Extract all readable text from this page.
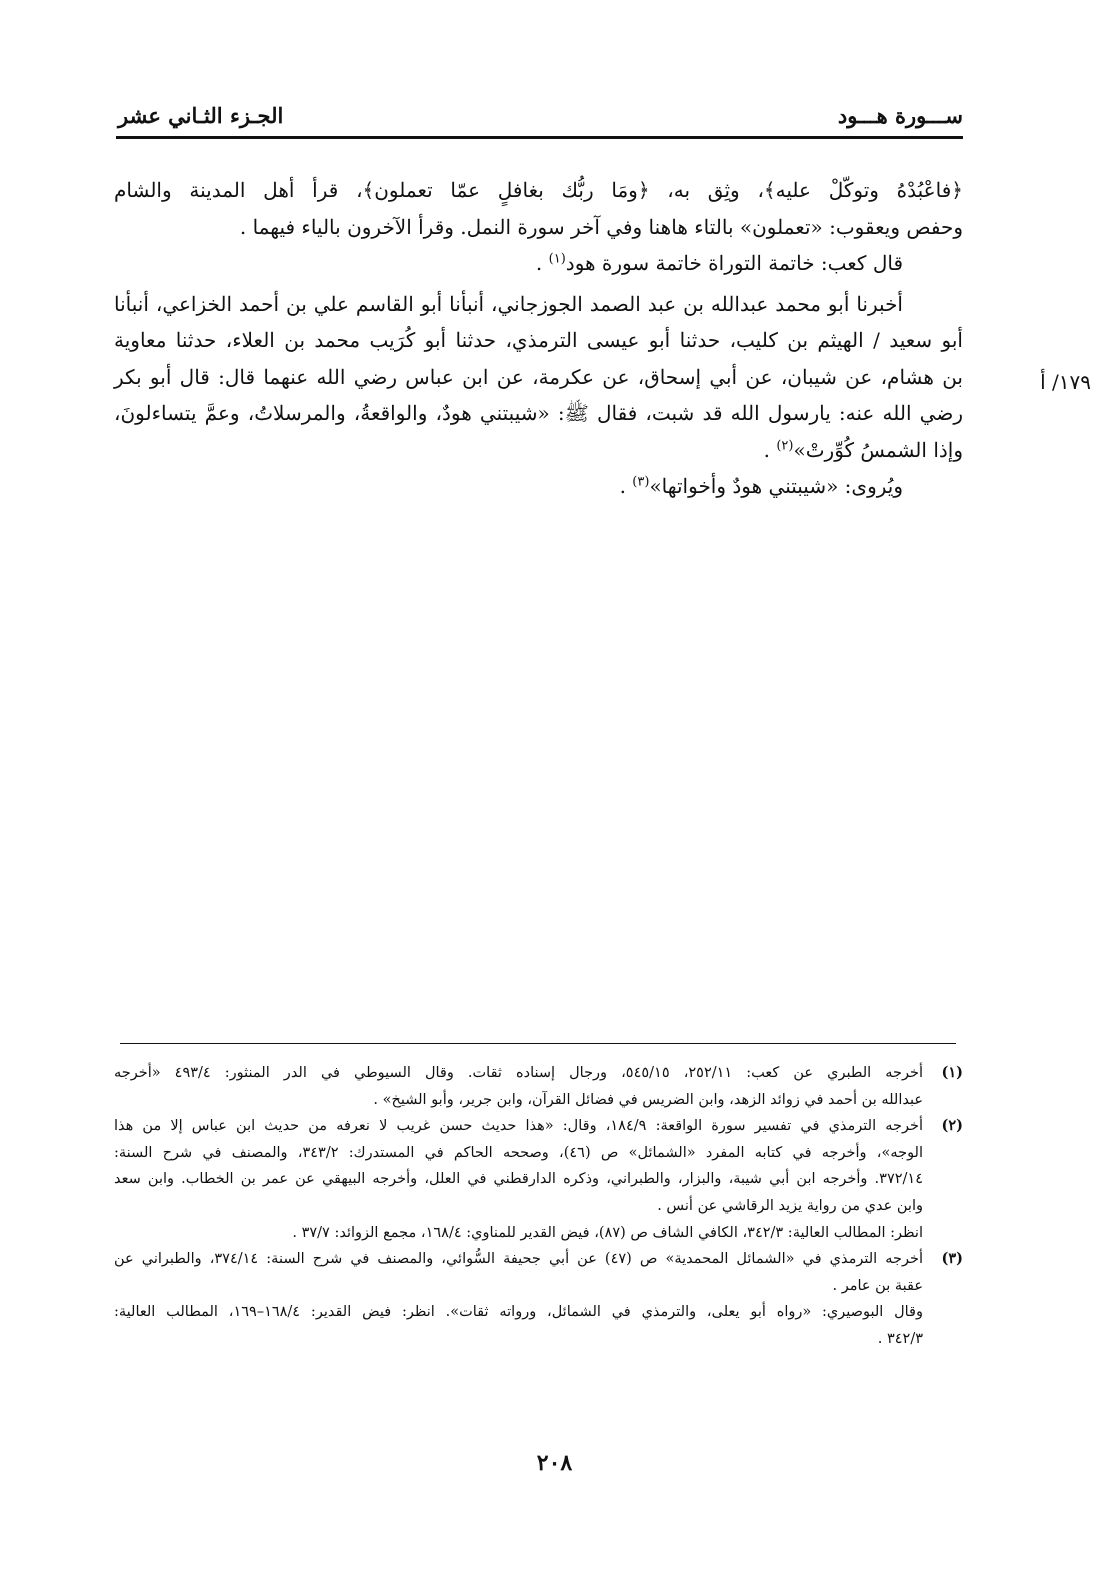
ســـورة هـــود
الجـزء الثـاني عشر
١٧٩/ أ

﴿فاعْبُدْهُ وتوكّلْ عليه﴾، وثِق به، ﴿ومَا ربُّك بغافلٍ عمّا تعملون﴾، قرأ أهل المدينة والشام
وحفص ويعقوب: «تعملون» بالتاء هاهنا وفي آخر سورة النمل. وقرأ الآخرون بالياء فيهما .

قال كعب: خاتمة التوراة خاتمة سورة هود$^{(١)}$ .

أخبرنا أبو محمد عبدالله بن عبد الصمد الجوزجاني، أنبأنا أبو القاسم علي بن أحمد الخزاعي، أنبأنا
أبو سعيد / الهيثم بن كليب، حدثنا أبو عيسى الترمذي، حدثنا أبو كُرَيب محمد بن العلاء، حدثنا معاوية
بن هشام، عن شيبان، عن أبي إسحاق، عن عكرمة، عن ابن عباس رضي الله عنهما قال: قال أبو بكر
رضي الله عنه: يارسول الله قد شبت، فقال ﷺ: «شيبتني هودٌ، والواقعةُ، والمرسلاتُ، وعمَّ يتساءلونَ،
وإذا الشمسُ كُوِّرتْ»$^{(٢)}$ .

ويُروى: «شيبتني هودٌ وأخواتها»$^{(٣)}$ .

(١)
أخرجه الطبري عن كعب: ٢٥٢/١١، ٥٤٥/١٥، ورجال إسناده ثقات. وقال السيوطي في الدر المنثور: ٤٩٣/٤ «أخرجه
عبدالله بن أحمد في زوائد الزهد، وابن الضريس في فضائل القرآن، وابن جرير، وأبو الشيخ» .
(٢)
أخرجه الترمذي في تفسير سورة الواقعة: ١٨٤/٩، وقال: «هذا حديث حسن غريب لا نعرفه من حديث ابن عباس إلا من هذا
الوجه»، وأخرجه في كتابه المفرد «الشمائل» ص (٤٦)، وصححه الحاكم في المستدرك: ٣٤٣/٢، والمصنف في شرح السنة:
٣٧٢/١٤. وأخرجه ابن أبي شيبة، والبزار، والطبراني، وذكره الدارقطني في العلل، وأخرجه البيهقي عن عمر بن الخطاب. وابن سعد
وابن عدي من رواية يزيد الرقاشي عن أنس .
انظر: المطالب العالية: ٣٤٢/٣، الكافي الشاف ص (٨٧)، فيض القدير للمناوي: ١٦٨/٤، مجمع الزوائد: ٣٧/٧ .
(٣)
أخرجه الترمذي في «الشمائل المحمدية» ص (٤٧) عن أبي جحيفة السُّوائي، والمصنف في شرح السنة: ٣٧٤/١٤، والطبراني عن
عقبة بن عامر .
وقال البوصيري: «رواه أبو يعلى، والترمذي في الشمائل، ورواته ثقات». انظر: فيض القدير: ١٦٨/٤–١٦٩، المطالب العالية:
٣٤٢/٣ .
٢٠٨
